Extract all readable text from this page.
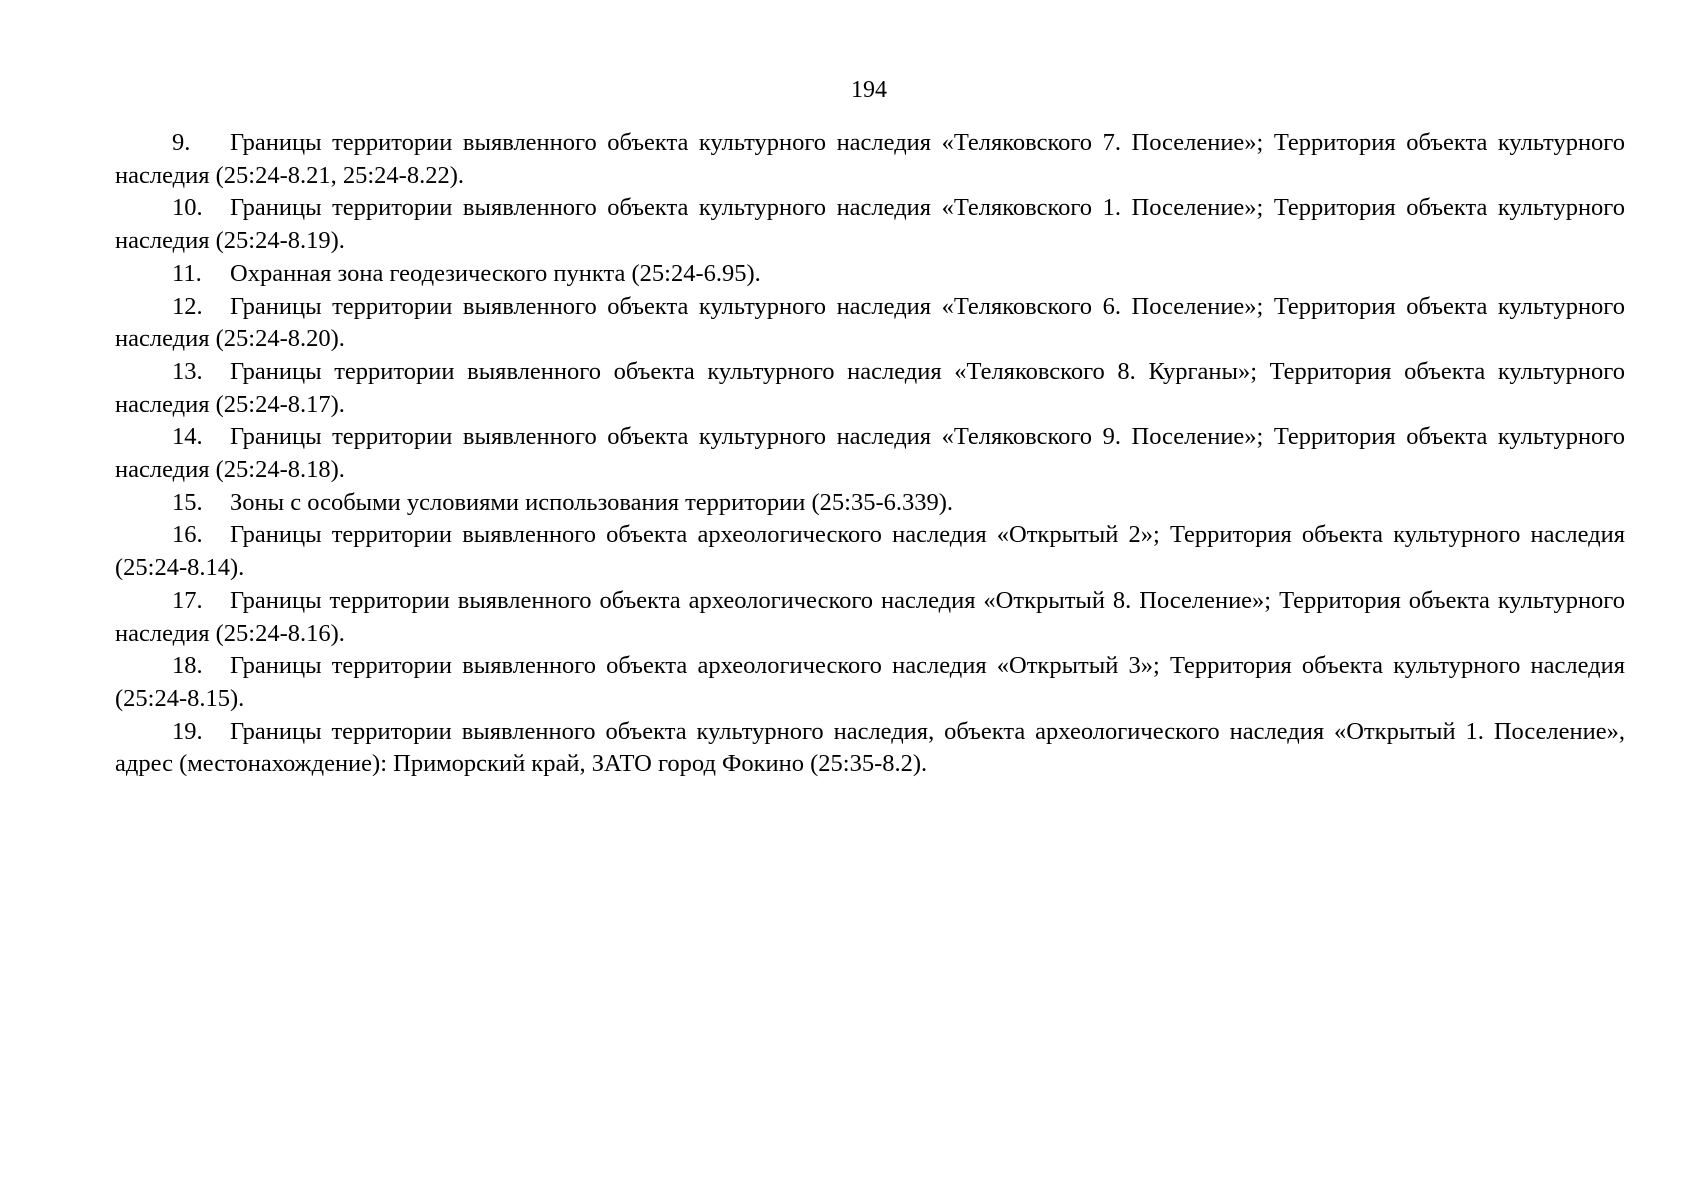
194

9. Границы территории выявленного объекта культурного наследия «Теляковского 7. Поселение»; Территория объекта культурного наследия (25:24-8.21, 25:24-8.22).

10. Границы территории выявленного объекта культурного наследия «Теляковского 1. Поселение»; Территория объекта культурного наследия (25:24-8.19).

11. Охранная зона геодезического пункта (25:24-6.95).

12. Границы территории выявленного объекта культурного наследия «Теляковского 6. Поселение»; Территория объекта культурного наследия (25:24-8.20).

13. Границы территории выявленного объекта культурного наследия «Теляковского 8. Курганы»; Территория объекта культурного наследия (25:24-8.17).

14. Границы территории выявленного объекта культурного наследия «Теляковского 9. Поселение»; Территория объекта культурного наследия (25:24-8.18).

15. Зоны с особыми условиями использования территории (25:35-6.339).

16. Границы территории выявленного объекта археологического наследия «Открытый 2»; Территория объекта культурного наследия (25:24-8.14).

17. Границы территории выявленного объекта археологического наследия «Открытый 8. Поселение»; Территория объекта культурного наследия (25:24-8.16).

18. Границы территории выявленного объекта археологического наследия «Открытый 3»; Территория объекта культурного наследия (25:24-8.15).

19. Границы территории выявленного объекта культурного наследия, объекта археологического наследия «Открытый 1. Поселение», адрес (местонахождение): Приморский край, ЗАТО город Фокино (25:35-8.2).
